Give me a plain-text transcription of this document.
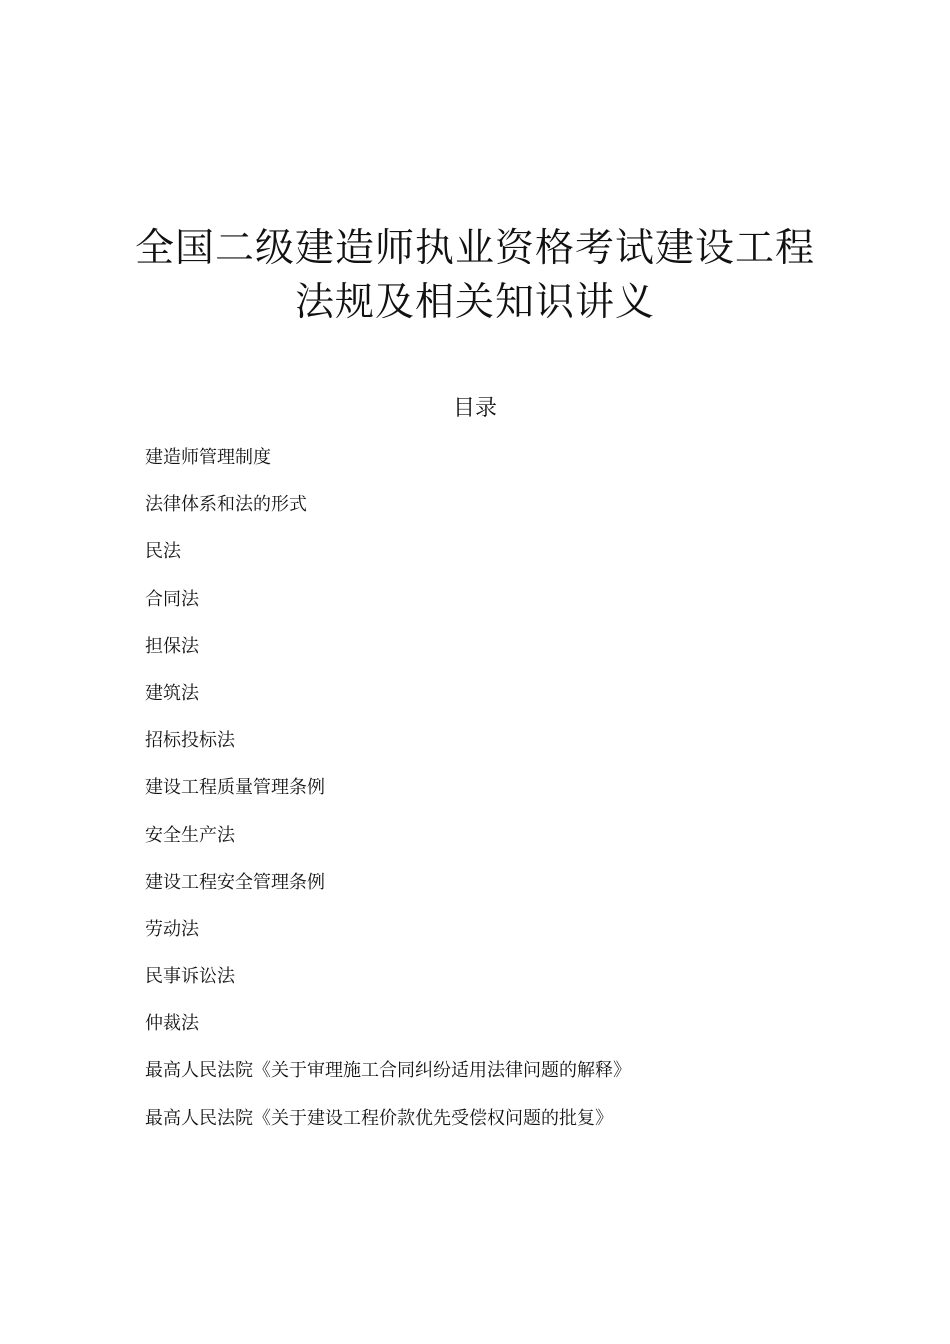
全国二级建造师执业资格考试建设工程
法规及相关知识讲义
目录
建造师管理制度
法律体系和法的形式
民法
合同法
担保法
建筑法
招标投标法
建设工程质量管理条例
安全生产法
建设工程安全管理条例
劳动法
民事诉讼法
仲裁法
最高人民法院《关于审理施工合同纠纷适用法律问题的解释》
最高人民法院《关于建设工程价款优先受偿权问题的批复》
